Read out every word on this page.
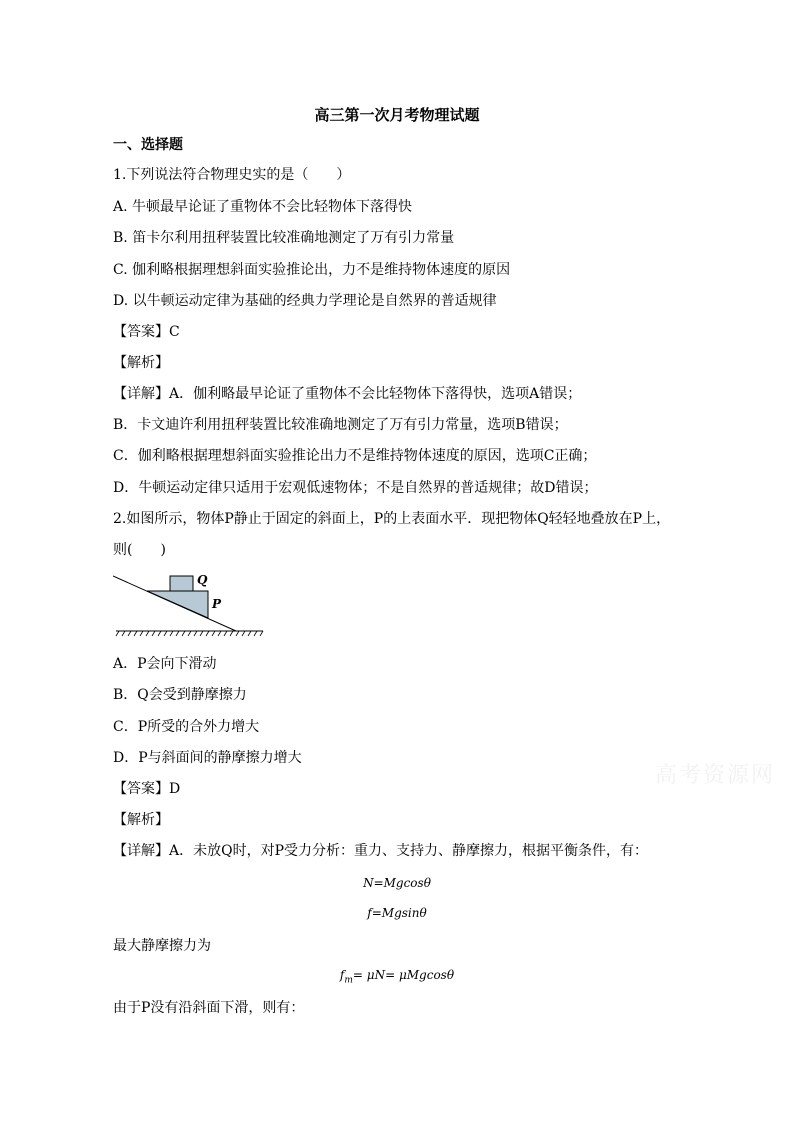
高三第一次月考物理试题
一、选择题
1.下列说法符合物理史实的是（　　）
A. 牛顿最早论证了重物体不会比轻物体下落得快
B. 笛卡尔利用扭秤装置比较准确地测定了万有引力常量
C. 伽利略根据理想斜面实验推论出，力不是维持物体速度的原因
D. 以牛顿运动定律为基础的经典力学理论是自然界的普适规律
【答案】C
【解析】
【详解】A．伽利略最早论证了重物体不会比轻物体下落得快，选项A错误；
B．卡文迪许利用扭秤装置比较准确地测定了万有引力常量，选项B错误；
C．伽利略根据理想斜面实验推论出力不是维持物体速度的原因，选项C正确；
D．牛顿运动定律只适用于宏观低速物体；不是自然界的普适规律；故D错误；
2.如图所示，物体P静止于固定的斜面上，P的上表面水平．现把物体Q轻轻地叠放在P上，
则(　　)
Q
P
A．P会向下滑动
B．Q会受到静摩擦力
C．P所受的合外力增大
D．P与斜面间的静摩擦力增大
【答案】D
【解析】
【详解】A．未放Q时，对P受力分析：重力、支持力、静摩擦力，根据平衡条件，有：
N=Mgcosθ
f=Mgsinθ
最大静摩擦力为
$f_m= \mu N= \mu Mgcos\theta$
由于P没有沿斜面下滑，则有：
高考资源网
